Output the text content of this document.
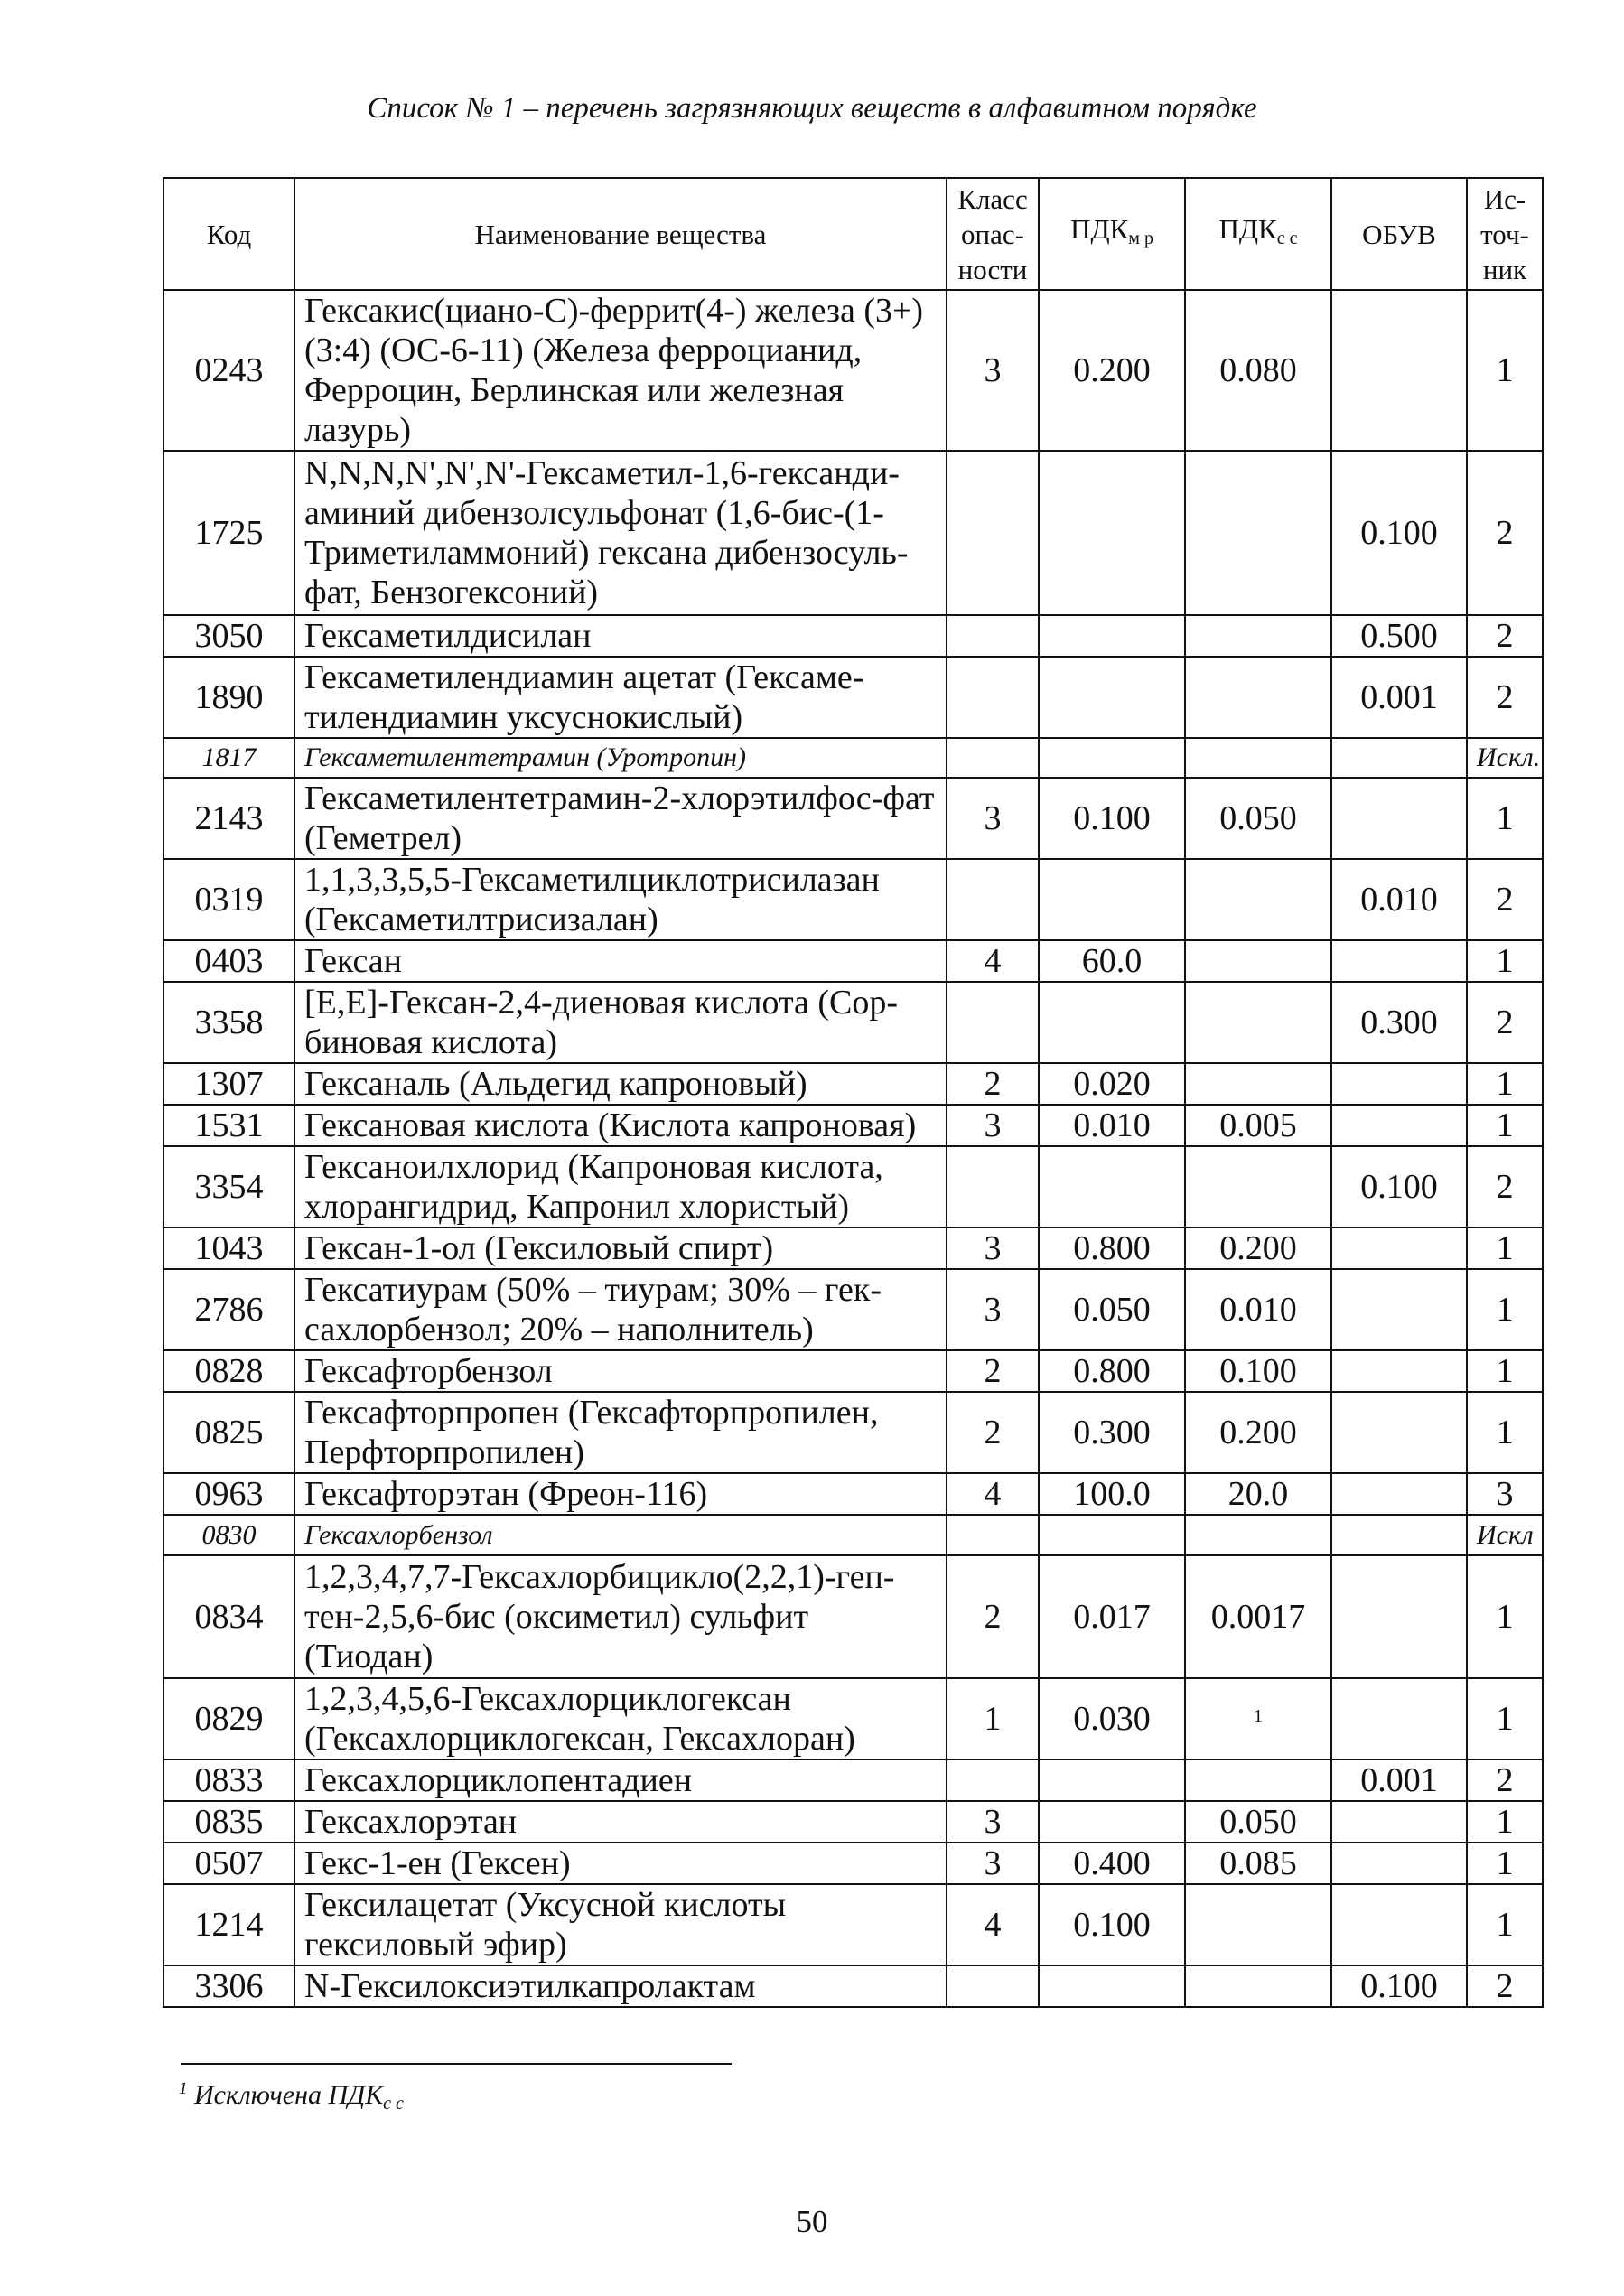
Список № 1 – перечень загрязняющих веществ в алфавитном порядке
Код	Наименование вещества	Класс опас-ности	$ПДК_{м р}$	$ПДК_{с с}$	ОБУВ	Ис-точ-ник
0243	Гексакис(циано-С)-феррит(4-) железа (3+) (3:4) (ОС-6-11) (Железа ферроцианид, Ферроцин, Берлинская или железная лазурь)	3	0.200	0.080		1
1725	N,N,N,N',N',N'-Гексаметил-1,6-гександи-аминий дибензолсульфонат (1,6-бис-(1-Триметиламмоний) гексана дибензосуль-фат, Бензогексоний)				0.100	2
3050	Гексаметилдисилан				0.500	2
1890	Гексаметилендиамин ацетат (Гексаме-тилендиамин уксуснокислый)				0.001	2
1817	Гексаметилентетрамин (Уротропин)					Искл.
2143	Гексаметилентетрамин-2-хлорэтилфос-фат (Геметрел)	3	0.100	0.050		1
0319	1,1,3,3,5,5-Гексаметилциклотрисилазан (Гексаметилтрисизалан)				0.010	2
0403	Гексан	4	60.0			1
3358	[E,E]-Гексан-2,4-диеновая кислота (Сор-биновая кислота)				0.300	2
1307	Гексаналь (Альдегид капроновый)	2	0.020			1
1531	Гексановая кислота (Кислота капроновая)	3	0.010	0.005		1
3354	Гексаноилхлорид (Капроновая кислота, хлорангидрид, Капронил хлористый)				0.100	2
1043	Гексан-1-ол (Гексиловый спирт)	3	0.800	0.200		1
2786	Гексатиурам (50% – тиурам; 30% – гек-сахлорбензол; 20% – наполнитель)	3	0.050	0.010		1
0828	Гексафторбензол	2	0.800	0.100		1
0825	Гексафторпропен (Гексафторпропилен, Перфторпропилен)	2	0.300	0.200		1
0963	Гексафторэтан (Фреон-116)	4	100.0	20.0		3
0830	Гексахлорбензол					Искл
0834	1,2,3,4,7,7-Гексахлорбицикло(2,2,1)-геп-тен-2,5,6-бис (оксиметил) сульфит (Тиодан)	2	0.017	0.0017		1
0829	1,2,3,4,5,6-Гексахлорциклогексан (Гексахлорциклогексан, Гексахлоран)	1	0.030	$^1$		1
0833	Гексахлорциклопентадиен				0.001	2
0835	Гексахлорэтан	3		0.050		1
0507	Гекс-1-ен (Гексен)	3	0.400	0.085		1
1214	Гексилацетат (Уксусной кислоты гексиловый эфир)	4	0.100			1
3306	N-Гексилоксиэтилкапролактам				0.100	2
$^1$ Исключена $ПДК_{с с}$
50
